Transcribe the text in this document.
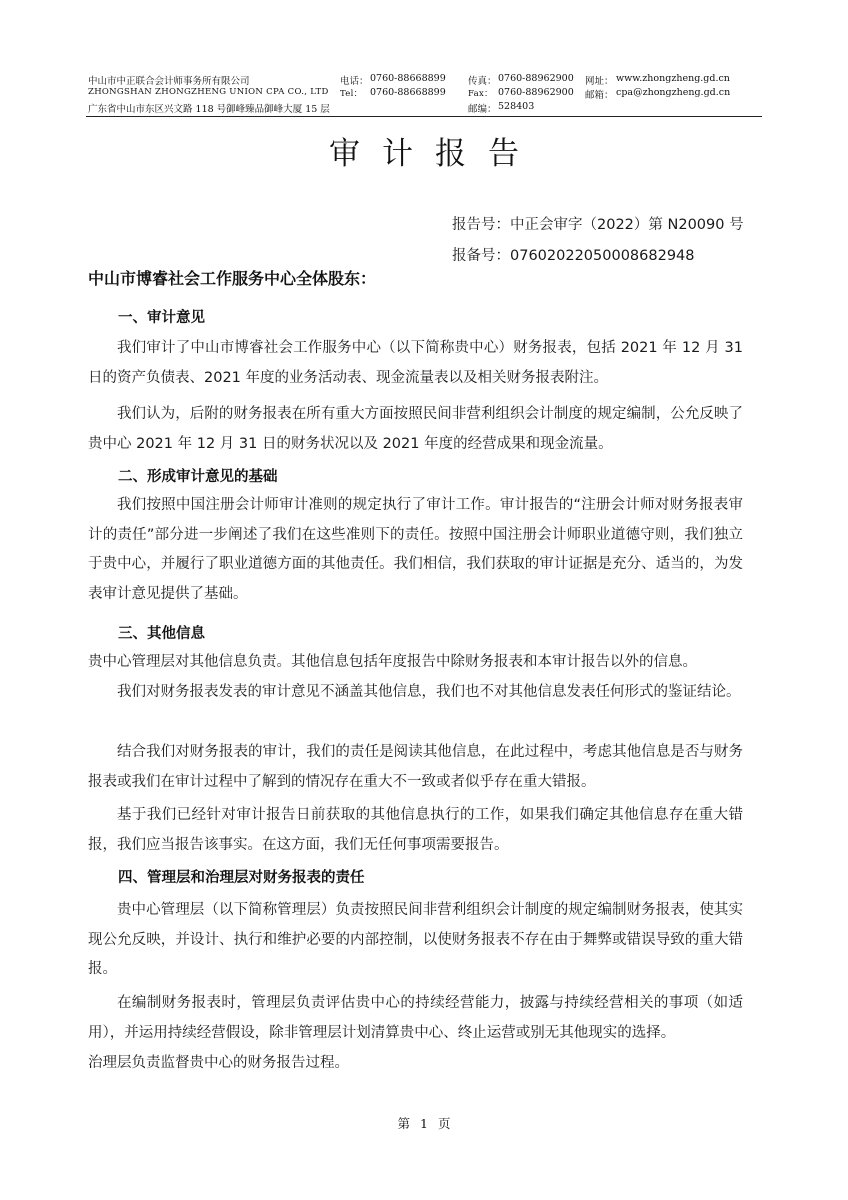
中山市中正联合会计师事务所有限公司
ZHONGSHAN ZHONGZHENG UNION CPA CO., LTD
广东省中山市东区兴文路 118 号御峰臻品御峰大厦 15 层
电话： 0760-88668899
Tel： 0760-88668899
传真： 0760-88962900
Fax： 0760-88962900
邮编： 528403
网址： www.zhongzheng.gd.cn
邮箱： cpa@zhongzheng.gd.cn
审计报告
报告号：中正会审字（2022）第 N20090 号
报备号：07602022050008682948
中山市博睿社会工作服务中心全体股东：
一、审计意见
我们审计了中山市博睿社会工作服务中心（以下简称贵中心）财务报表，包括 2021 年 12 月 31 日的资产负债表、2021 年度的业务活动表、现金流量表以及相关财务报表附注。
我们认为，后附的财务报表在所有重大方面按照民间非营利组织会计制度的规定编制，公允反映了贵中心 2021 年 12 月 31 日的财务状况以及 2021 年度的经营成果和现金流量。
二、形成审计意见的基础
我们按照中国注册会计师审计准则的规定执行了审计工作。审计报告的“注册会计师对财务报表审计的责任”部分进一步阐述了我们在这些准则下的责任。按照中国注册会计师职业道德守则，我们独立于贵中心，并履行了职业道德方面的其他责任。我们相信，我们获取的审计证据是充分、适当的，为发表审计意见提供了基础。
三、其他信息
贵中心管理层对其他信息负责。其他信息包括年度报告中除财务报表和本审计报告以外的信息。
我们对财务报表发表的审计意见不涵盖其他信息，我们也不对其他信息发表任何形式的鉴证结论。
结合我们对财务报表的审计，我们的责任是阅读其他信息，在此过程中，考虑其他信息是否与财务报表或我们在审计过程中了解到的情况存在重大不一致或者似乎存在重大错报。
基于我们已经针对审计报告日前获取的其他信息执行的工作，如果我们确定其他信息存在重大错报，我们应当报告该事实。在这方面，我们无任何事项需要报告。
四、管理层和治理层对财务报表的责任
贵中心管理层（以下简称管理层）负责按照民间非营利组织会计制度的规定编制财务报表，使其实现公允反映，并设计、执行和维护必要的内部控制，以使财务报表不存在由于舞弊或错误导致的重大错报。
在编制财务报表时，管理层负责评估贵中心的持续经营能力，披露与持续经营相关的事项（如适用），并运用持续经营假设，除非管理层计划清算贵中心、终止运营或别无其他现实的选择。
治理层负责监督贵中心的财务报告过程。
第 1 页
